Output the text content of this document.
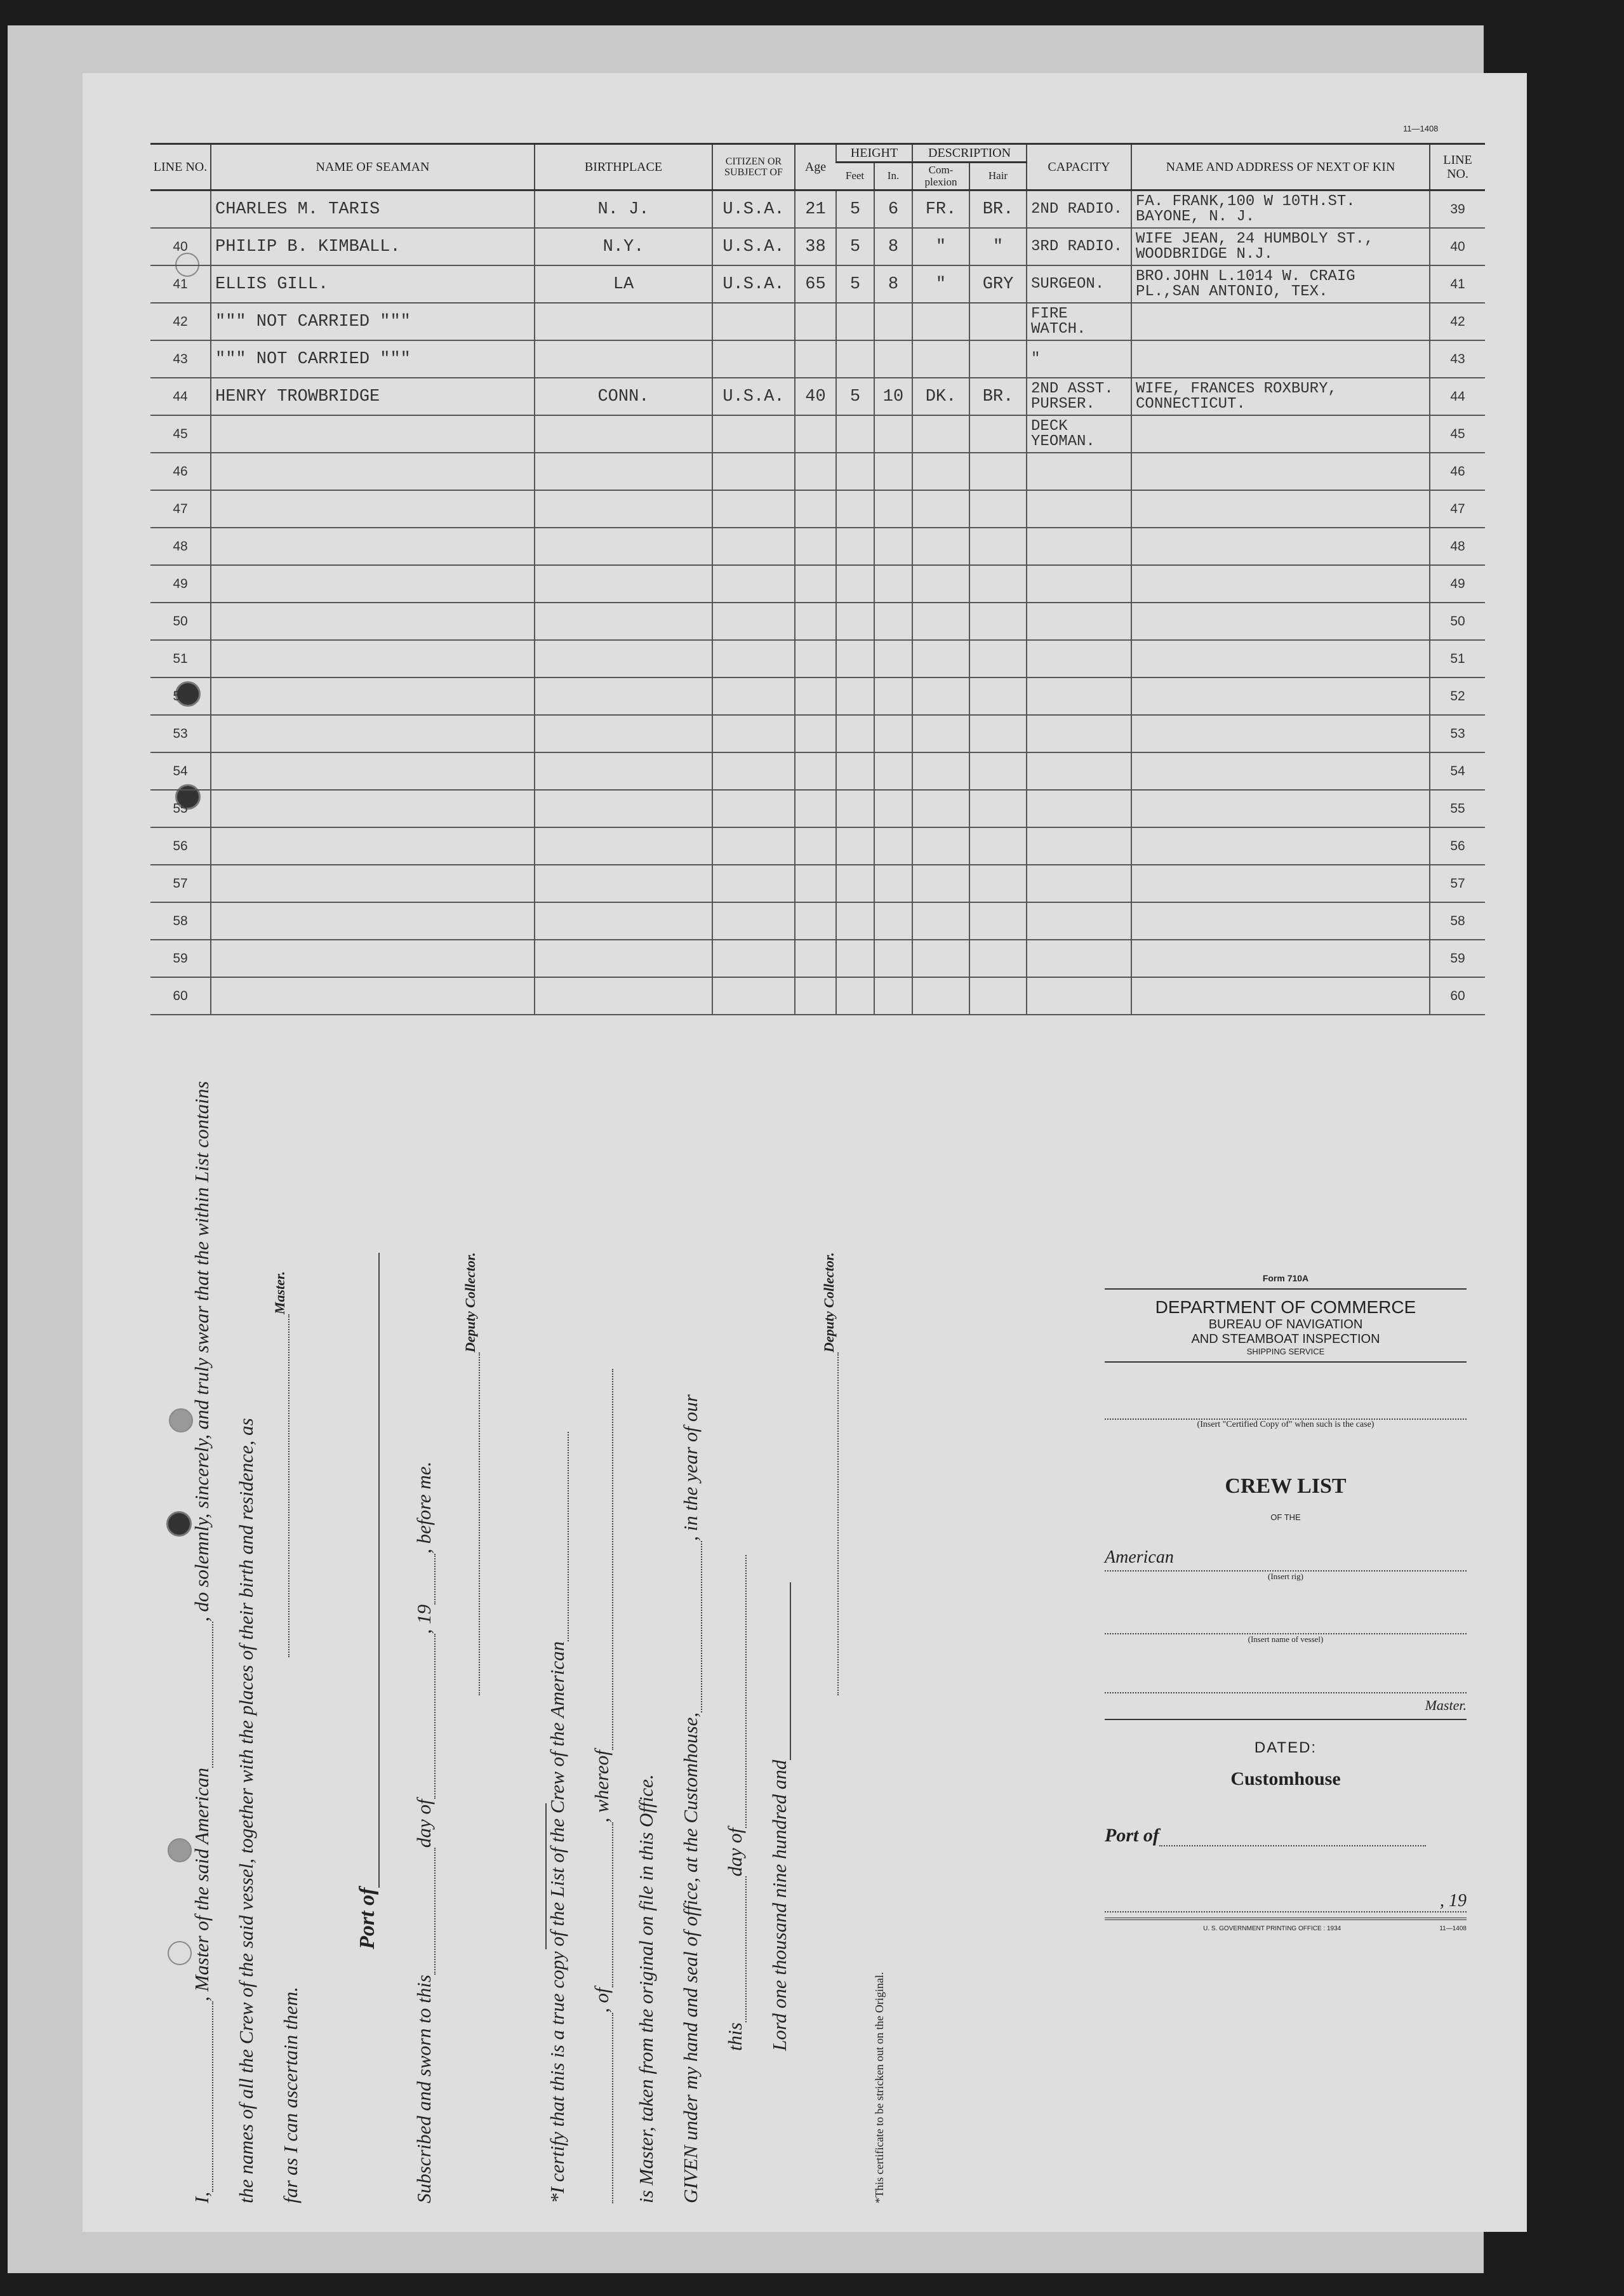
11—1408
LINE NO.	NAME OF SEAMAN	BIRTHPLACE	CITIZEN OR SUBJECT OF	Age	HEIGHT		DESCRIPTION		CAPACITY	NAME AND ADDRESS OF NEXT OF KIN	LINE NO.
					Feet	In.	Com-plexion	Hair			
	CHARLES M. TARIS	N. J.	U.S.A.	21	5	6	FR.	BR.	2ND RADIO.	FA. FRANK,100 W 10TH.ST. BAYONE, N. J.	39
40	PHILIP B. KIMBALL.	N.Y.	U.S.A.	38	5	8	"	"	3RD RADIO.	WIFE JEAN, 24 HUMBOLY ST., WOODBRIDGE N.J.	40
41	ELLIS GILL.	LA	U.S.A.	65	5	8	"	GRY	SURGEON.	BRO.JOHN L.1014 W. CRAIG PL.,SAN ANTONIO, TEX.	41
42	""" NOT CARRIED """								FIRE WATCH.		42
43	""" NOT CARRIED """								"		43
44	HENRY TROWBRIDGE	CONN.	U.S.A.	40	5	10	DK.	BR.	2ND ASST. PURSER.	WIFE, FRANCES ROXBURY, CONNECTICUT.	44
45									DECK YEOMAN.		45
46											46
47											47
48											48
49											49
50											50
51											51
52											52
53											53
54											54
55											55
56											56
57											57
58											58
59											59
60											60
I,, Master of the said American, do solemnly, sincerely, and truly swear that the within List contains
the names of all the Crew of the said vessel, together with the places of their birth and residence, as far as I can ascertain them.
Master.
Port of
Subscribed and sworn to thisday of, 19, before me.
Deputy Collector.
*I certify that this is a true copy of the List of the Crew of the American , of, whereof is Master, taken from the original on file in this Office. GIVEN under my hand and seal of office, at the Customhouse,, in the year of our
thisday of Lord one thousand nine hundred and
Deputy Collector.
*This certificate to be stricken out on the Original.
Form 710A
DEPARTMENT OF COMMERCE
BUREAU OF NAVIGATION
AND STEAMBOAT INSPECTION
SHIPPING SERVICE
(Insert "Certified Copy of" when such is the case)
CREW LIST
OF THE
American
(Insert rig)
(Insert name of vessel)
Master.
DATED:
Customhouse
Port of
, 19
U. S. GOVERNMENT PRINTING OFFICE : 1934	11—1408
